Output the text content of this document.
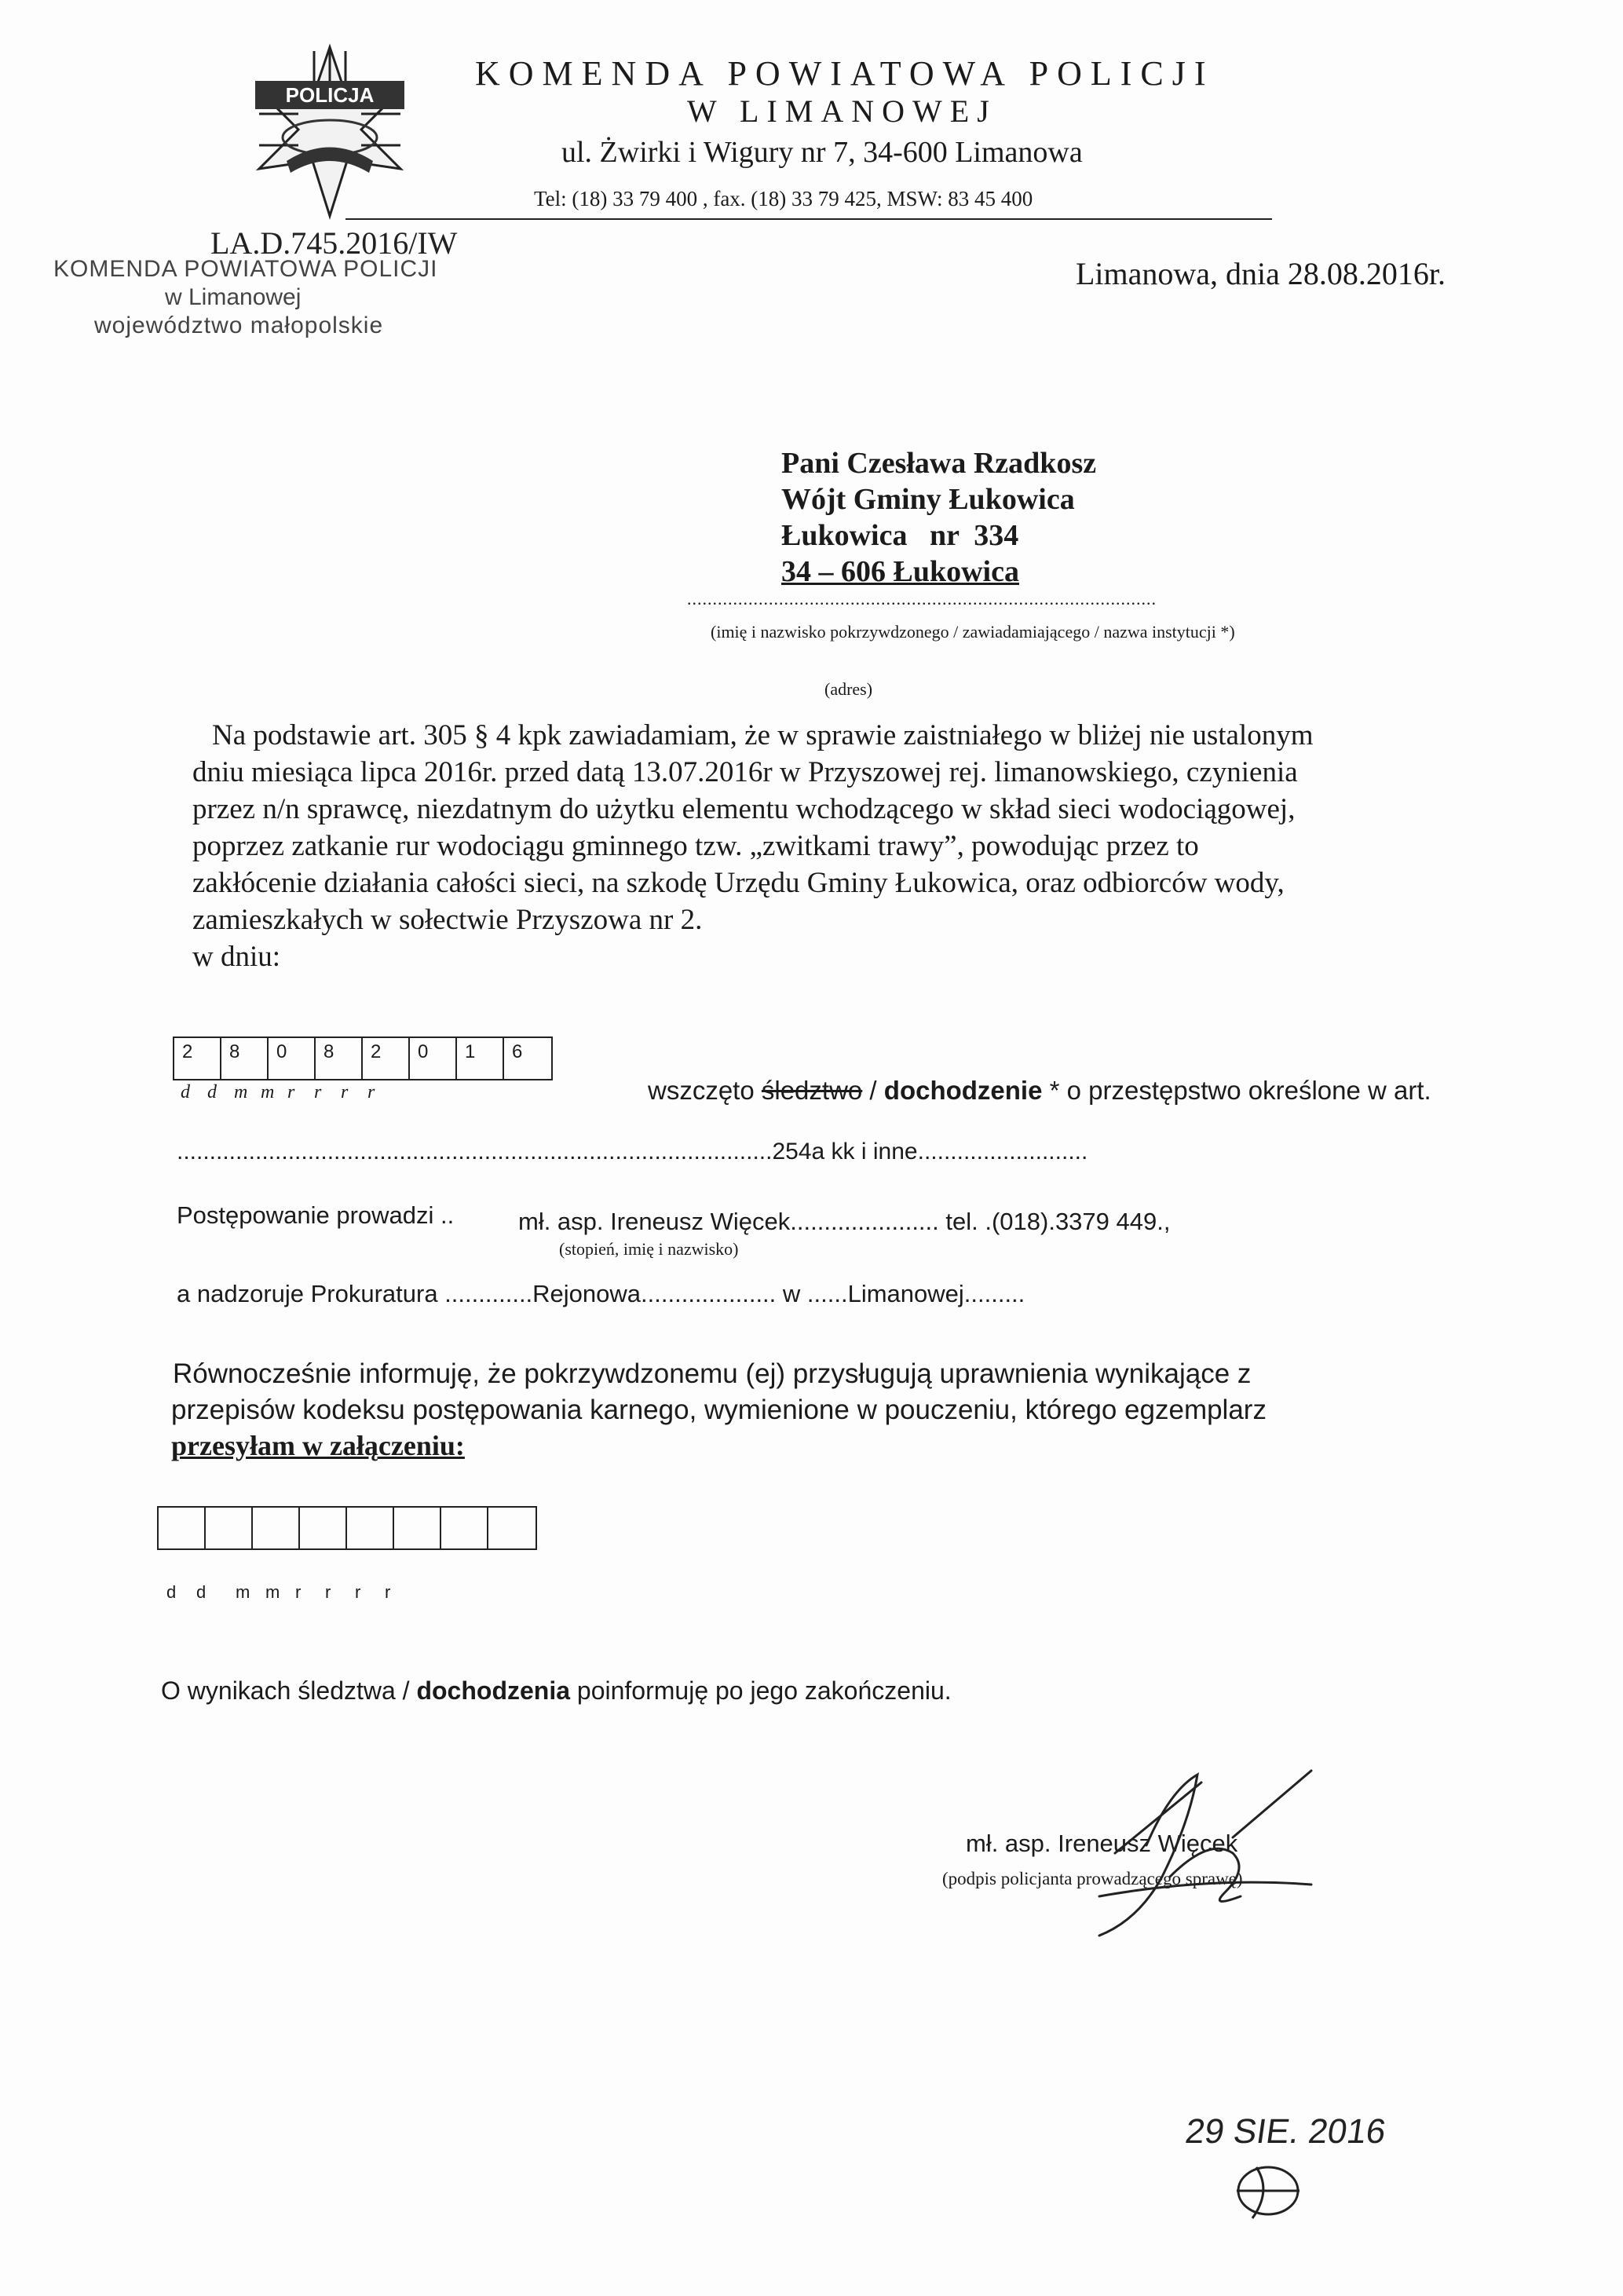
POLICJA
KOMENDA POWIATOWA POLICJI
W LIMANOWEJ
ul. Żwirki i Wigury nr 7, 34-600 Limanowa
Tel: (18) 33 79 400 , fax. (18) 33 79 425, MSW: 83 45 400
LA.D.745.2016/IW
KOMENDA POWIATOWA POLICJI
w Limanowej
województwo małopolskie
Limanowa, dnia 28.08.2016r.
Pani Czesława Rzadkosz
Wójt Gminy Łukowica
Łukowica   nr  334
34 – 606 Łukowica
............................................................................................
(imię i nazwisko pokrzywdzonego / zawiadamiającego / nazwa instytucji *)
(adres)
Na podstawie art. 305 § 4 kpk zawiadamiam, że w sprawie zaistniałego w bliżej nie ustalonym
dniu miesiąca lipca 2016r. przed datą 13.07.2016r w Przyszowej rej. limanowskiego, czynienia
przez n/n sprawcę, niezdatnym do użytku elementu wchodzącego w skład sieci wodociągowej,
poprzez zatkanie rur wodociągu gminnego tzw. „zwitkami trawy”, powodując przez to
zakłócenie działania całości sieci, na szkodę Urzędu Gminy Łukowica, oraz odbiorców wody,
zamieszkałych w sołectwie Przyszowa nr 2.
w dniu:
2	8	0	8	2	0	1	6
d d m m r	r	r	r	wszczęto śledztwo / dochodzenie * o przestępstwo określone w art.
...........................................................................................254a kk i inne..........................
Postępowanie prowadzi ..	mł. asp. Ireneusz Więcek...................... tel. .(018).3379 449.,
(stopień, imię i nazwisko)
a nadzoruje Prokuratura .............Rejonowa.................... w ......Limanowej.........
Równocześnie informuję, że pokrzywdzonemu (ej) przysługują uprawnienia wynikające z
przepisów kodeksu postępowania karnego, wymienione w pouczeniu, którego egzemplarz
przesyłam w załączeniu:
d	d	m m r	r	r	r
O wynikach śledztwa / dochodzenia poinformuję po jego zakończeniu.
mł. asp. Ireneusz Więcek
(podpis policjanta prowadzącego sprawę)
29 SIE. 2016
